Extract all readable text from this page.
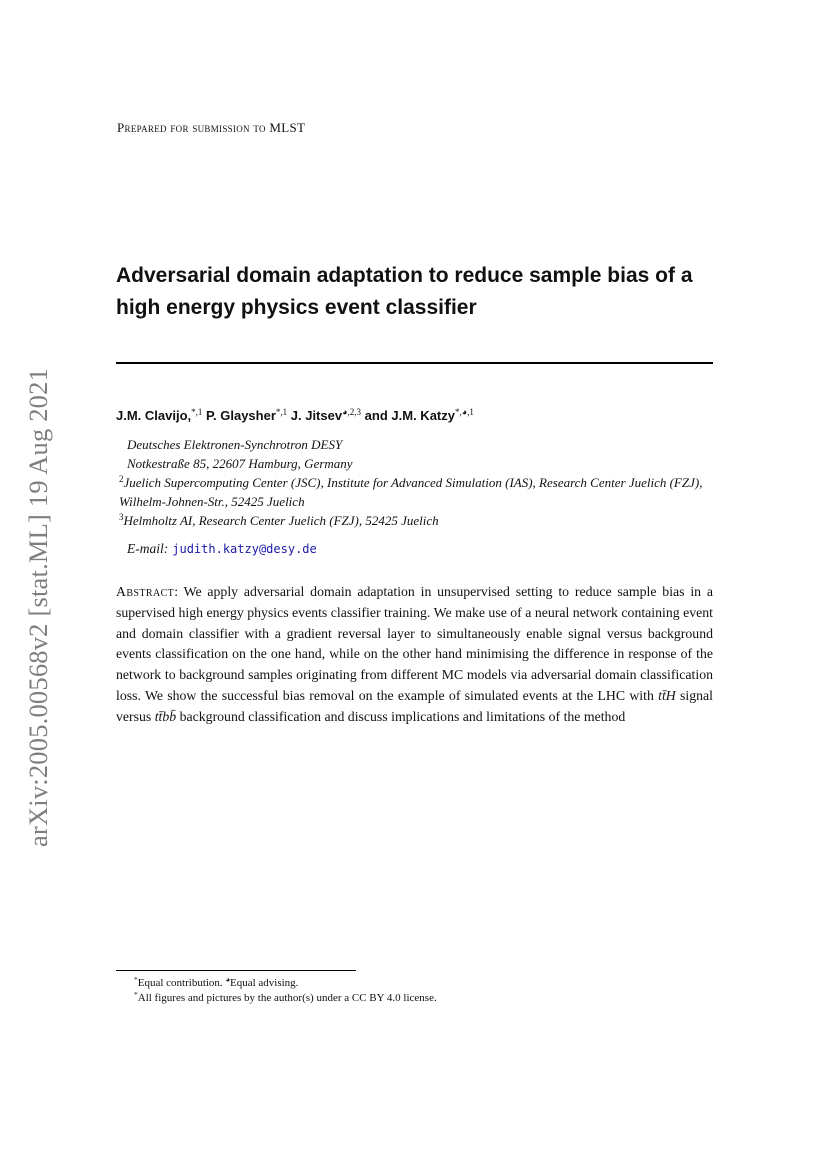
arXiv:2005.00568v2 [stat.ML] 19 Aug 2021
Prepared for submission to MLST
Adversarial domain adaptation to reduce sample bias of a high energy physics event classifier
J.M. Clavijo,$^{*,1}$ P. Glaysher$^{*,1}$ J. Jitsev$^{◕,2,3}$ and J.M. Katzy$^{*,◕,1}$
Deutsches Elektronen-Synchrotron DESY
Notkestraße 85, 22607 Hamburg, Germany
$^2$Juelich Supercomputing Center (JSC), Institute for Advanced Simulation (IAS), Research Center Juelich (FZJ), Wilhelm-Johnen-Str., 52425 Juelich
$^3$Helmholtz AI, Research Center Juelich (FZJ), 52425 Juelich
E-mail: judith.katzy@desy.de
Abstract: We apply adversarial domain adaptation in unsupervised setting to reduce sample bias in a supervised high energy physics events classifier training. We make use of a neural network containing event and domain classifier with a gradient reversal layer to simultaneously enable signal versus background events classification on the one hand, while on the other hand minimising the difference in response of the network to background samples originating from different MC models via adversarial domain classification loss. We show the successful bias removal on the example of simulated events at the LHC with tt̄H signal versus tt̄bb̄ background classification and discuss implications and limitations of the method
*Equal contribution. ◕Equal advising.
*All figures and pictures by the author(s) under a CC BY 4.0 license.
